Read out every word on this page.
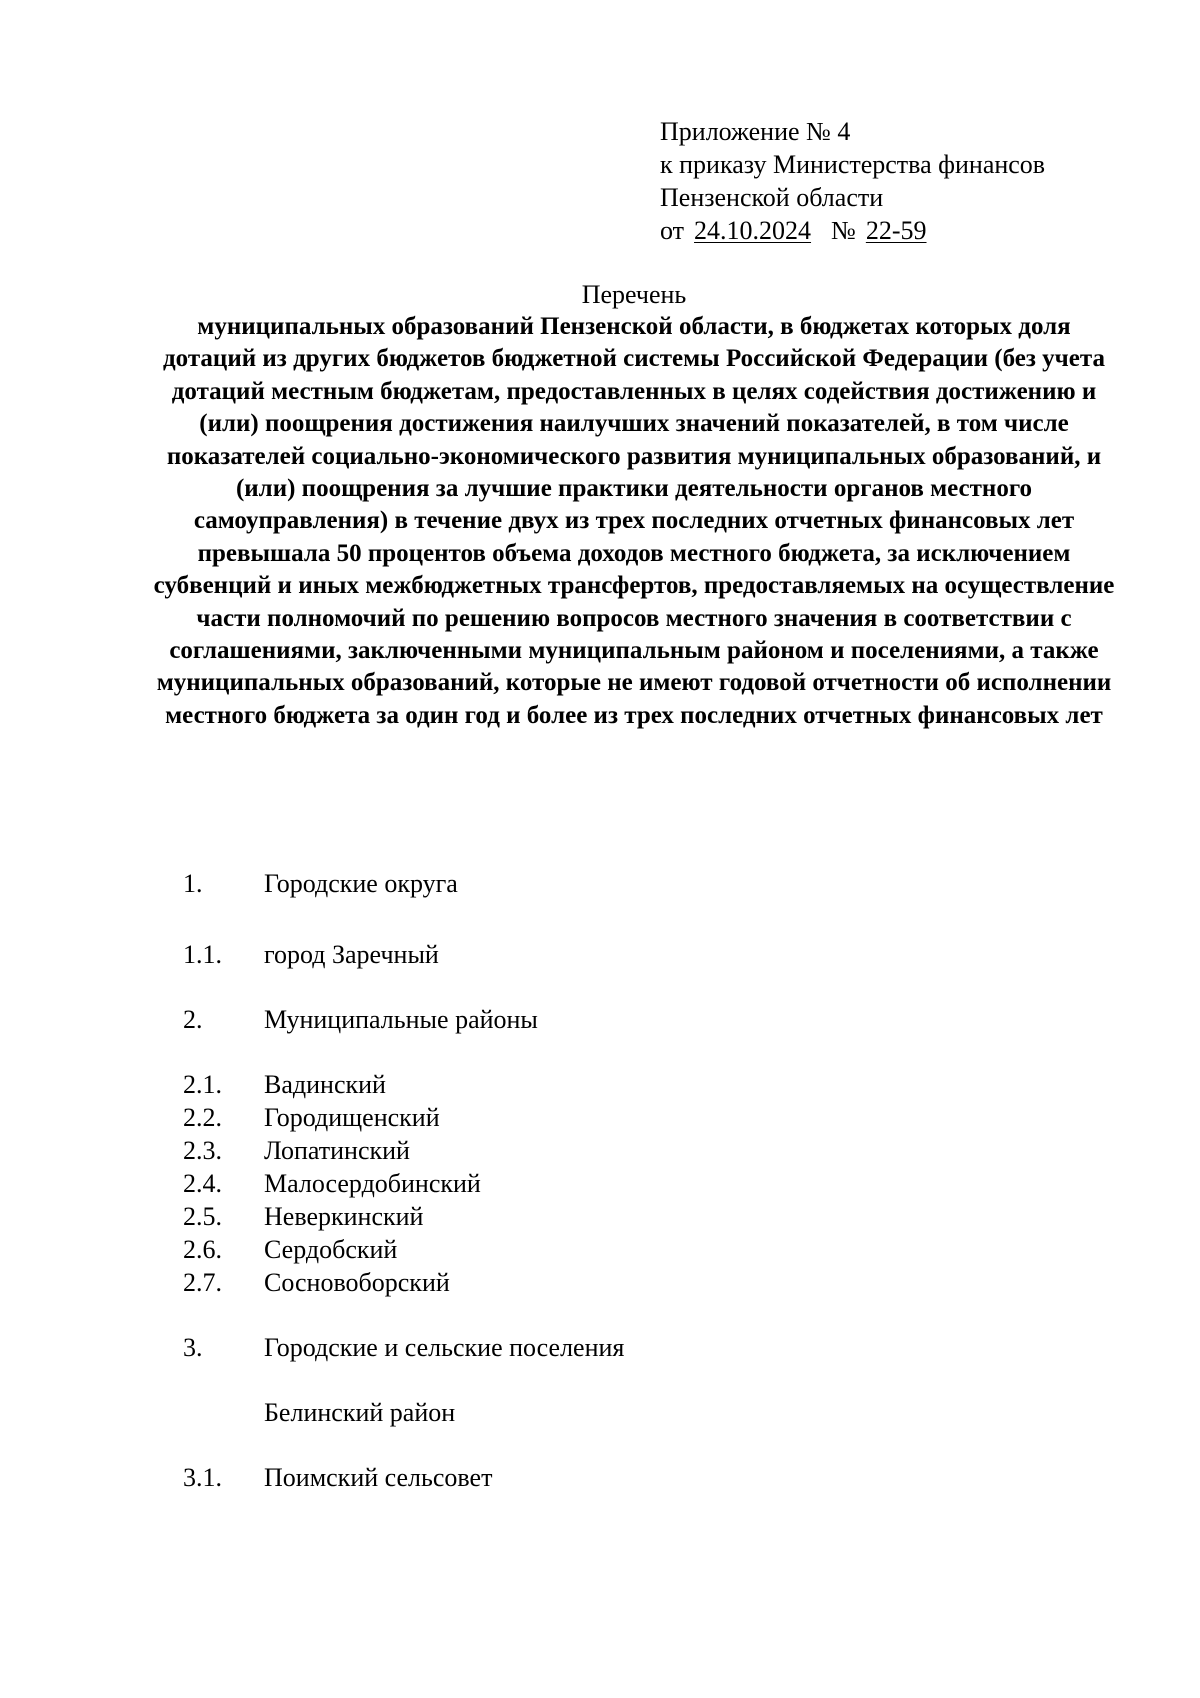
Приложение № 4
к приказу Министерства финансов
Пензенской области
от 24.10.2024 № 22-59
Перечень
муниципальных образований Пензенской области, в бюджетах которых доля дотаций из других бюджетов бюджетной системы Российской Федерации (без учета дотаций местным бюджетам, предоставленных в целях содействия достижению и (или) поощрения достижения наилучших значений показателей, в том числе показателей социально-экономического развития муниципальных образований, и (или) поощрения за лучшие практики деятельности органов местного самоуправления) в течение двух из трех последних отчетных финансовых лет превышала 50 процентов объема доходов местного бюджета, за исключением субвенций и иных межбюджетных трансфертов, предоставляемых на осуществление части полномочий по решению вопросов местного значения в соответствии с соглашениями, заключенными муниципальным районом и поселениями, а также муниципальных образований, которые не имеют годовой отчетности об исполнении местного бюджета за один год и более из трех последних отчетных финансовых лет
1. Городские округа
1.1. город Заречный
2. Муниципальные районы
2.1. Вадинский
2.2. Городищенский
2.3. Лопатинский
2.4. Малосердобинский
2.5. Неверкинский
2.6. Сердобский
2.7. Сосновоборский
3. Городские и сельские поселения
Белинский район
3.1. Поимский сельсовет
